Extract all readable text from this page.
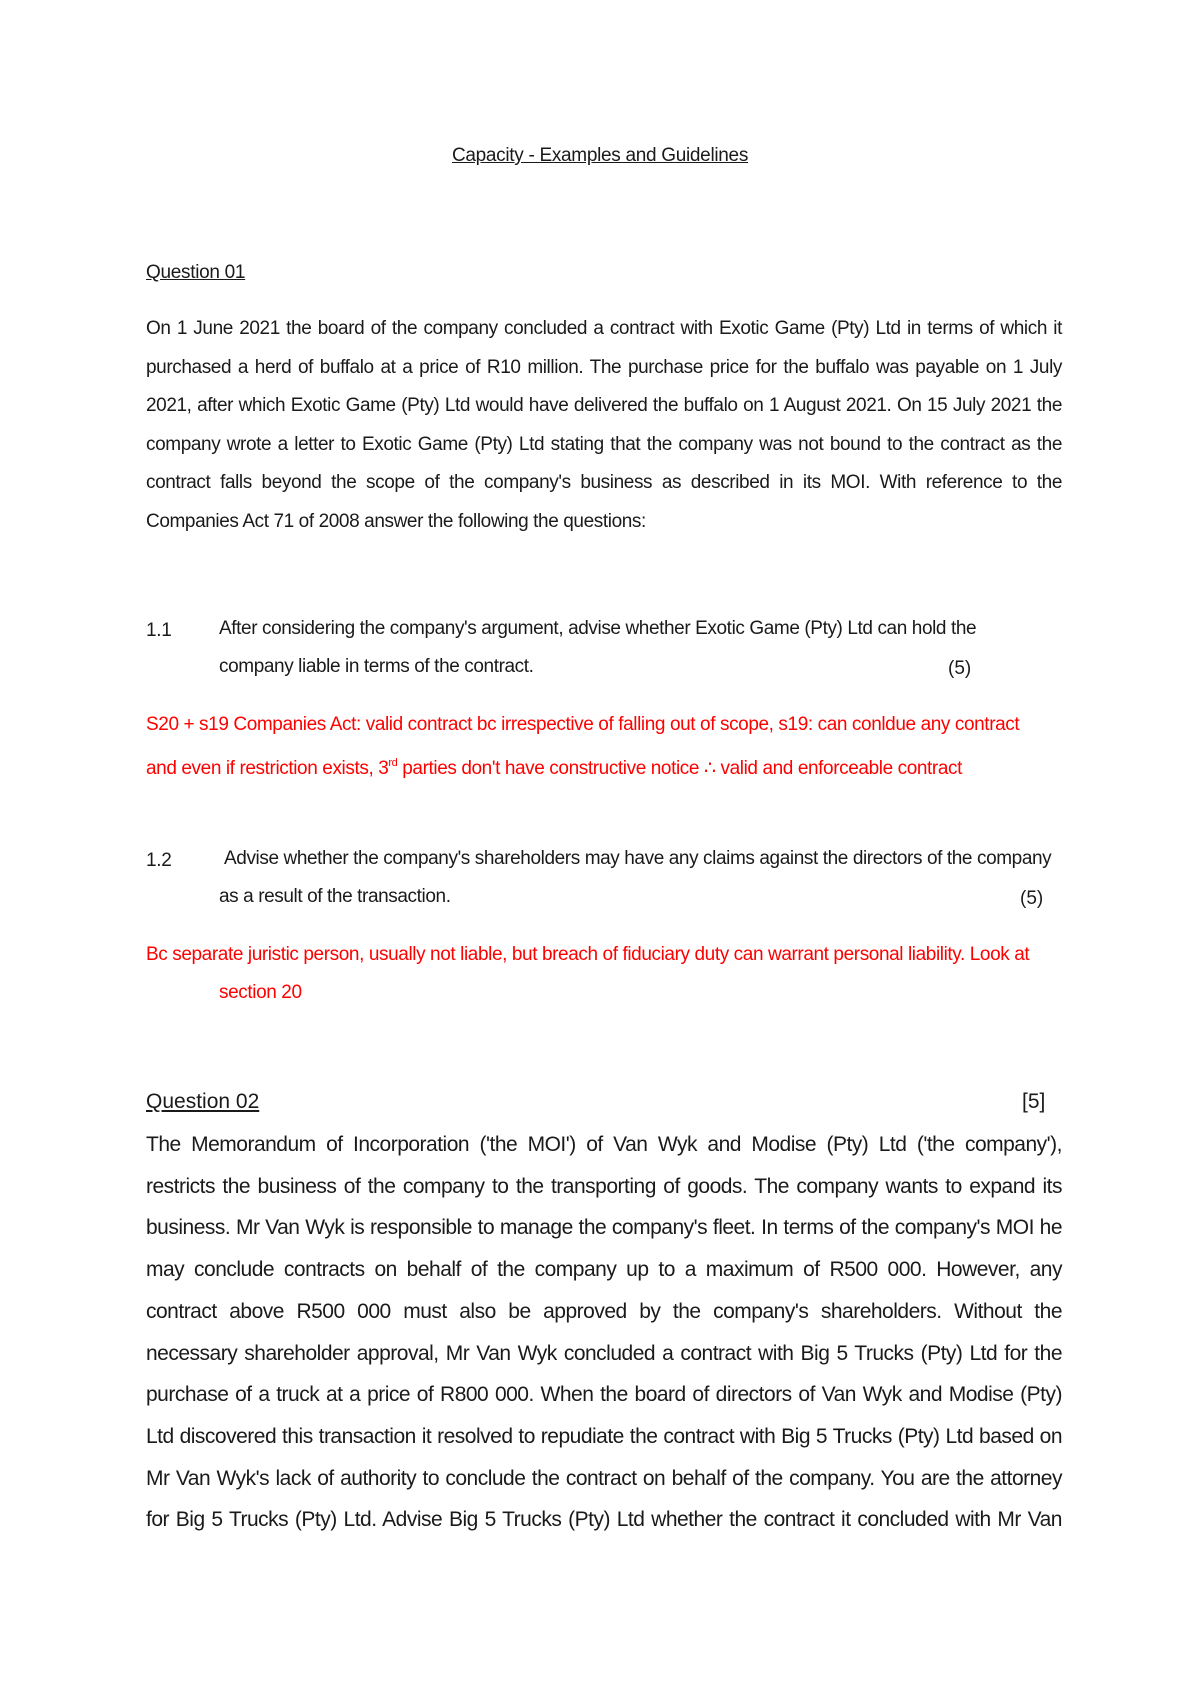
Capacity - Examples and Guidelines
Question 01

On 1 June 2021 the board of the company concluded a contract with Exotic Game (Pty) Ltd in terms of which it purchased a herd of buffalo at a price of R10 million. The purchase price for the buffalo was payable on 1 July 2021, after which Exotic Game (Pty) Ltd would have delivered the buffalo on 1 August 2021. On 15 July 2021 the company wrote a letter to Exotic Game (Pty) Ltd stating that the company was not bound to the contract as the contract falls beyond the scope of the company's business as described in its MOI. With reference to the Companies Act 71 of 2008 answer the following the questions:

1.1 After considering the company's argument, advise whether Exotic Game (Pty) Ltd can hold the
company liable in terms of the contract.	(5)
S20 + s19 Companies Act: valid contract bc irrespective of falling out of scope, s19: can conldue any contract
and even if restriction exists, 3rd parties don't have constructive notice ∴ valid and enforceable contract
1.2	Advise whether the company's shareholders may have any claims against the directors of the company
as a result of the transaction.	(5)
Bc separate juristic person, usually not liable, but breach of fiduciary duty can warrant personal liability. Look at
section 20
Question 02	[5]
The Memorandum of Incorporation ('the MOI') of Van Wyk and Modise (Pty) Ltd ('the company'),
restricts the business of the company to the transporting of goods. The company wants to expand its
business. Mr Van Wyk is responsible to manage the company's fleet. In terms of the company's MOI he
may conclude contracts on behalf of the company up to a maximum of R500 000. However, any
contract above R500 000 must also be approved by the company's shareholders. Without the
necessary shareholder approval, Mr Van Wyk concluded a contract with Big 5 Trucks (Pty) Ltd for the
purchase of a truck at a price of R800 000. When the board of directors of Van Wyk and Modise (Pty)
Ltd discovered this transaction it resolved to repudiate the contract with Big 5 Trucks (Pty) Ltd based on
Mr Van Wyk's lack of authority to conclude the contract on behalf of the company. You are the attorney
for Big 5 Trucks (Pty) Ltd. Advise Big 5 Trucks (Pty) Ltd whether the contract it concluded with Mr Van
